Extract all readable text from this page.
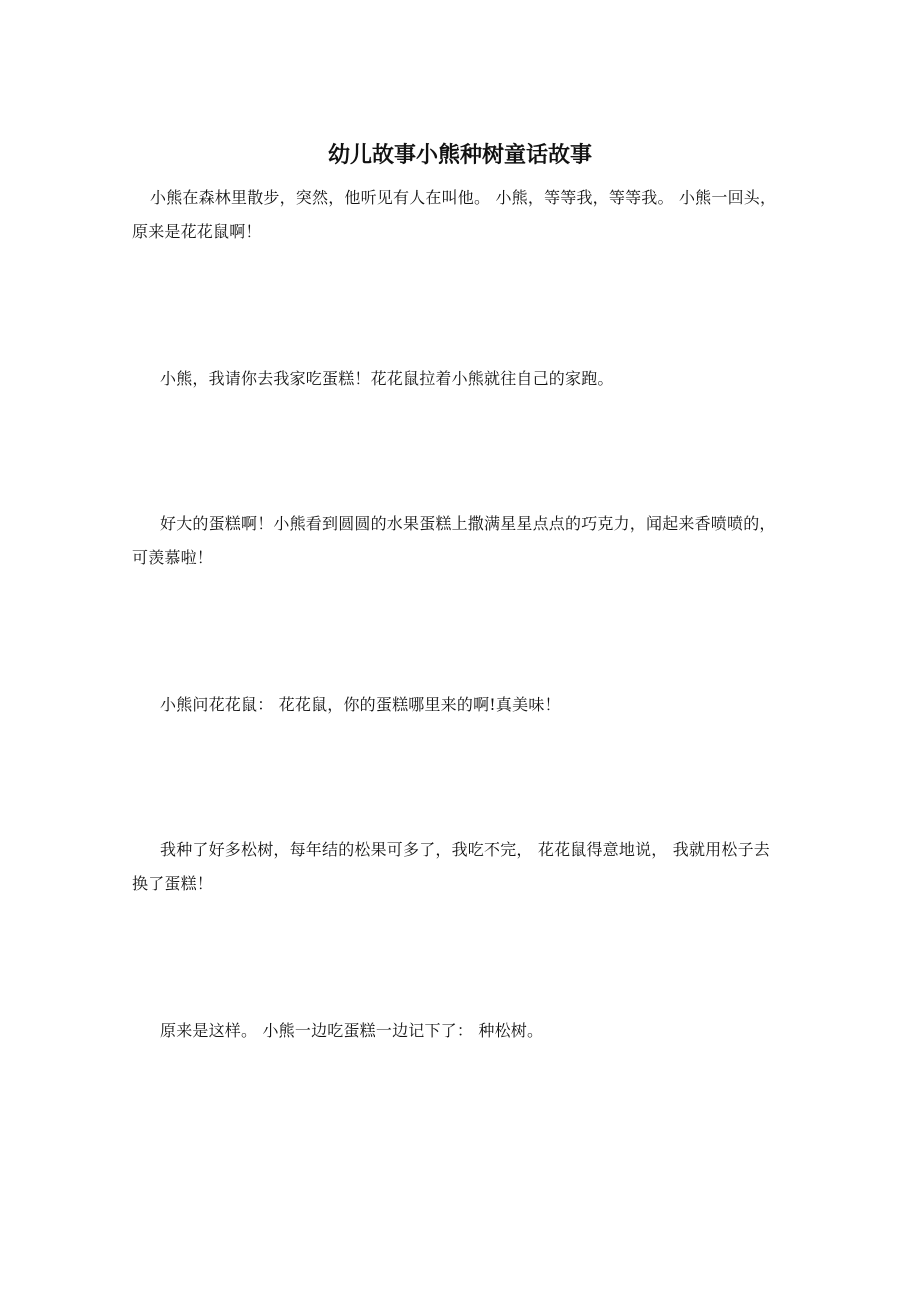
幼儿故事小熊种树童话故事

小熊在森林里散步，突然，他听见有人在叫他。 小熊，等等我，等等我。 小熊一回头，原来是花花鼠啊！

小熊，我请你去我家吃蛋糕！花花鼠拉着小熊就往自己的家跑。

好大的蛋糕啊！小熊看到圆圆的水果蛋糕上撒满星星点点的巧克力，闻起来香喷喷的，可羡慕啦！

小熊问花花鼠： 花花鼠，你的蛋糕哪里来的啊!真美味！

我种了好多松树，每年结的松果可多了，我吃不完， 花花鼠得意地说， 我就用松子去换了蛋糕！

原来是这样。 小熊一边吃蛋糕一边记下了： 种松树。
